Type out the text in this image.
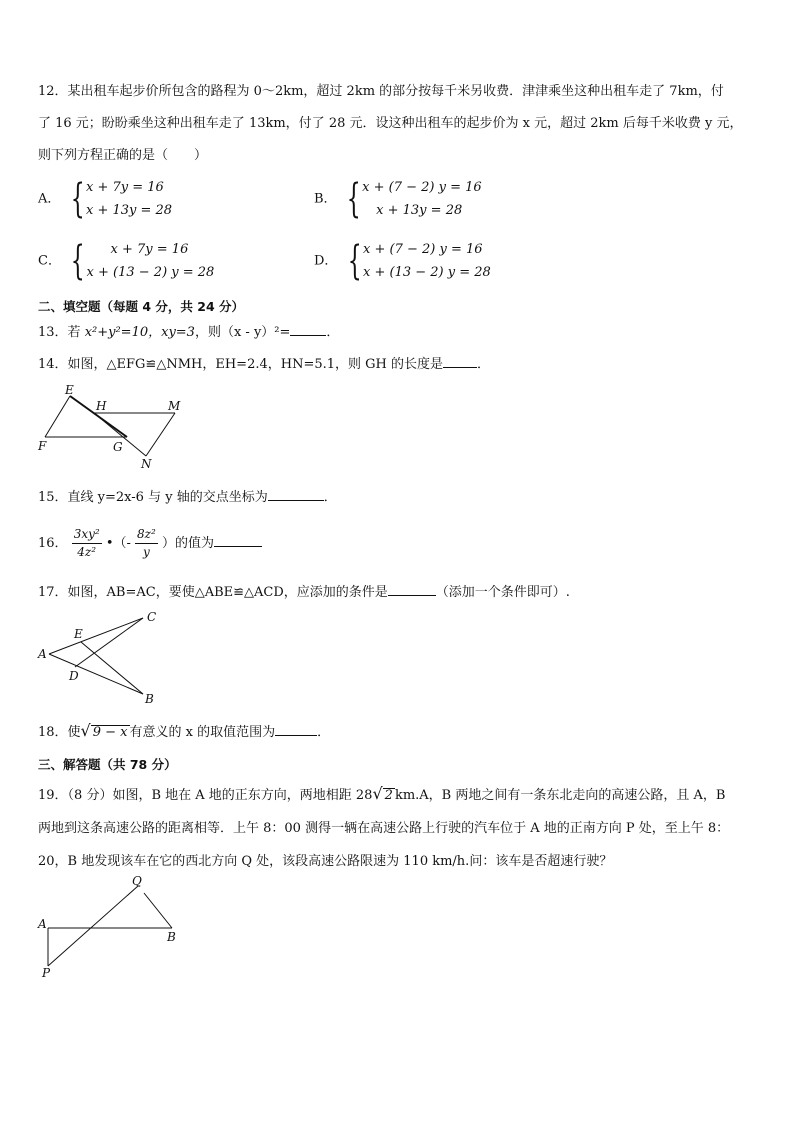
12．某出租车起步价所包含的路程为 0～2km，超过 2km 的部分按每千米另收费．津津乘坐这种出租车走了 7km，付
了 16 元；盼盼乘坐这种出租车走了 13km，付了 28 元．设这种出租车的起步价为 x 元，超过 2km 后每千米收费 y 元，
则下列方程正确的是（　　）
A． { x + 7y = 16
x + 13y = 28
B． { x + (7 − 2) y = 16
x + 13y = 28
C． {	x + 7y = 16
x + (13 − 2) y = 28
D． { x + (7 − 2) y = 16
x + (13 − 2) y = 28
二、填空题（每题 4 分，共 24 分）
13．若 x²+y²=10，xy=3，则（x - y）²=	．
14．如图，△EFG≌△NMH，EH=2.4，HN=5.1，则 GH 的长度是	．
E
H	M
F	G
N
15．直线 y=2x-6 与 y 轴的交点坐标为	．
16． $\frac{\text{3xy²}}{\text{4z²}}$ •（- $\frac{\text{8z²}}{y}$ ）的值为
17．如图，AB=AC，要使△ABE≌△ACD，应添加的条件是	（添加一个条件即可）.
C
E
A
D
B
18．使√ 9 − x 有意义的 x 的取值范围为	．
三、解答题（共 78 分）
19．（8 分）如图，B 地在 A 地的正东方向，两地相距 28√ 2 km.A，B 两地之间有一条东北走向的高速公路，且 A，B
两地到这条高速公路的距离相等．上午 8：00 测得一辆在高速公路上行驶的汽车位于 A 地的正南方向 P 处，至上午 8：
20，B 地发现该车在它的西北方向 Q 处，该段高速公路限速为 110 km/h.问：该车是否超速行驶？
Q
A
B
P
